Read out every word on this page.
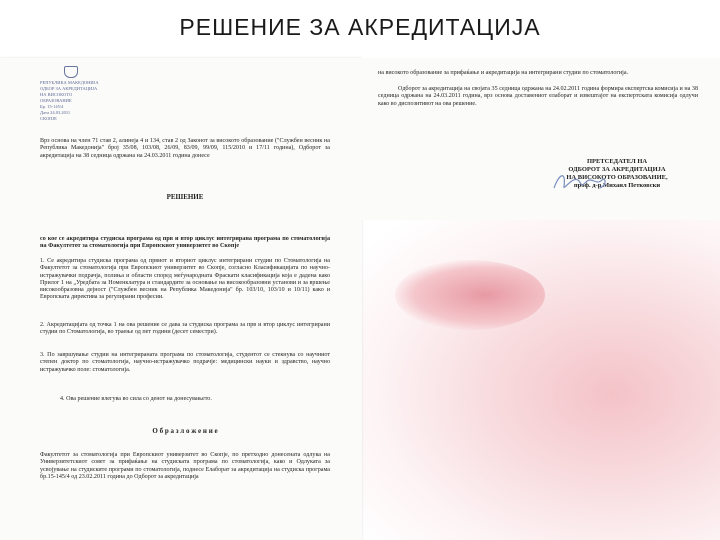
РЕШЕНИЕ ЗА АКРЕДИТАЦИЈА
РЕПУБЛИКА МАКЕДОНИЈА
ОДБОР ЗА АКРЕДИТАЦИЈА
НА ВИСОКОТО ОБРАЗОВАНИЕ
Бр. 15-145/4
Дата 24.03.2011
СКОПЈЕ

Врз основа на член 71 став 2, алинеја 4 и 134, став 2 од Законот за високото образование ("Службен весник на Република Македонија" број 35/08, 103/08, 26/09, 83/09, 99/09, 115/2010 и 17/11 година), Одборот за акредитација на 38 седница одржана на 24.03.2011 година донесе

РЕШЕНИЕ

со кое се акредитира студиска програма од прв и втор циклус интегрирана програма по стоматологија на Факултетот за стоматологија при Европскиот универзитет во Скопје

1. Се акредитира студиска програма од првиот и вториот циклус интегрирани студии по Стоматологија на Факултетот за стоматологија при Европскиот универзитет во Скопје, согласно Класификацијата по научно-истражувачки подрачја, полиња и области според меѓународната Фраскати класификација која е дадена како Прилог 1 на „Уредбата за Номенклатура и стандардите за основање на високообразовни установи и за вршење високообразовна дејност ("Службен весник на Република Македонија" бр. 103/10, 103/10 и 10/11) како и Европската директива за регулирани професии.

2. Акредитацијата од точка 1 на ова решение се дава за студиска програма за прв и втор циклус интегрирани студии по Стоматологија, во траење од пет години (десет семестри).

3. По завршување студии на интегрираната програма по стоматологија, студентот се стекнува со научниот степен доктор по стоматологија, научно-истражувачко подрачје: медицински науки и здравство, научно истражувачко поле: стоматологија.

4. Ова решение влегува во сила со денот на донесувањето.

О б р а з л о ж е н и е

Факултетот за стоматологија при Европскиот универзитет во Скопје, по претходно донесената одлука на Универзитетскиот совет за прифаќање на студиската програма по стоматологија, како и Одлуката за усвојување на студиските програми по стоматологија, поднесе Елаборат за акредитација на студиска програма бр.15-145/4 од 23.02.2011 година до Одборот за акредитација

на високото образование за прифаќање и акредитација на интегрирани студии по стоматологија.

Одборот за акредитација на својата 35 седница одржана на 24.02.2011 година формира експертска комисија и на 38 седница одржана на 24.03.2011 година, врз основа доставениот елаборат и извештајот на експертската комисија одлучи како во диспозитивот на ова решение.

ПРЕТСЕДАТЕЛ НА
ОДБОРОТ ЗА АКРЕДИТАЦИЈА
НА ВИСОКОТО ОБРАЗОВАНИЕ,
проф. д-р Михаил Петковски
